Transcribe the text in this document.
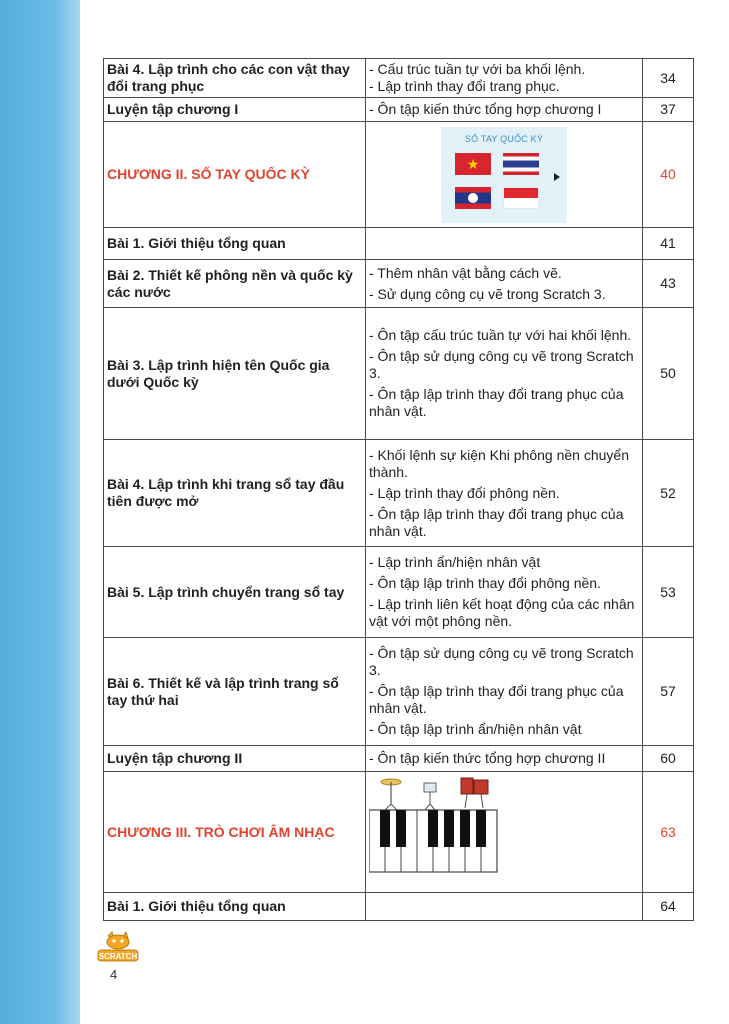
Bài 4. Lập trình cho các con vật thay đổi trang phục	- Cấu trúc tuần tự với ba khối lệnh.
- Lập trình thay đổi trang phục.	34
Luyện tập chương I	- Ôn tập kiến thức tổng hợp chương I	37
CHƯƠNG II. SỔ TAY QUỐC KỲ	SỔ TAY QUỐC KỲ
★	40
Bài 1. Giới thiệu tổng quan		41
Bài 2. Thiết kế phông nền và quốc kỳ các nước	- Thêm nhân vật bằng cách vẽ.
- Sử dụng công cụ vẽ trong Scratch 3.	43
Bài 3. Lập trình hiện tên Quốc gia dưới Quốc kỳ	- Ôn tập cấu trúc tuần tự với hai khối lệnh.
- Ôn tập sử dụng công cụ vẽ trong Scratch 3.
- Ôn tập lập trình thay đổi trang phục của nhân vật.	50
Bài 4. Lập trình khi trang sổ tay đầu tiên được mở	- Khối lệnh sự kiện Khi phông nền chuyển thành.
- Lập trình thay đổi phông nền.
- Ôn tập lập trình thay đổi trang phục của nhân vật.	52
Bài 5. Lập trình chuyển trang sổ tay	- Lập trình ẩn/hiện nhân vật
- Ôn tập lập trình thay đổi phông nền.
- Lập trình liên kết hoạt động của các nhân vật với một phông nền.	53
Bài 6. Thiết kế và lập trình trang sổ tay thứ hai	- Ôn tập sử dụng công cụ vẽ trong Scratch 3.
- Ôn tập lập trình thay đổi trang phục của nhân vật.
- Ôn tập lập trình ẩn/hiện nhân vật	57
Luyện tập chương II	- Ôn tập kiến thức tổng hợp chương II	60
CHƯƠNG III. TRÒ CHƠI ÂM NHẠC		63
Bài 1. Giới thiệu tổng quan		64
SCRATCH
4
